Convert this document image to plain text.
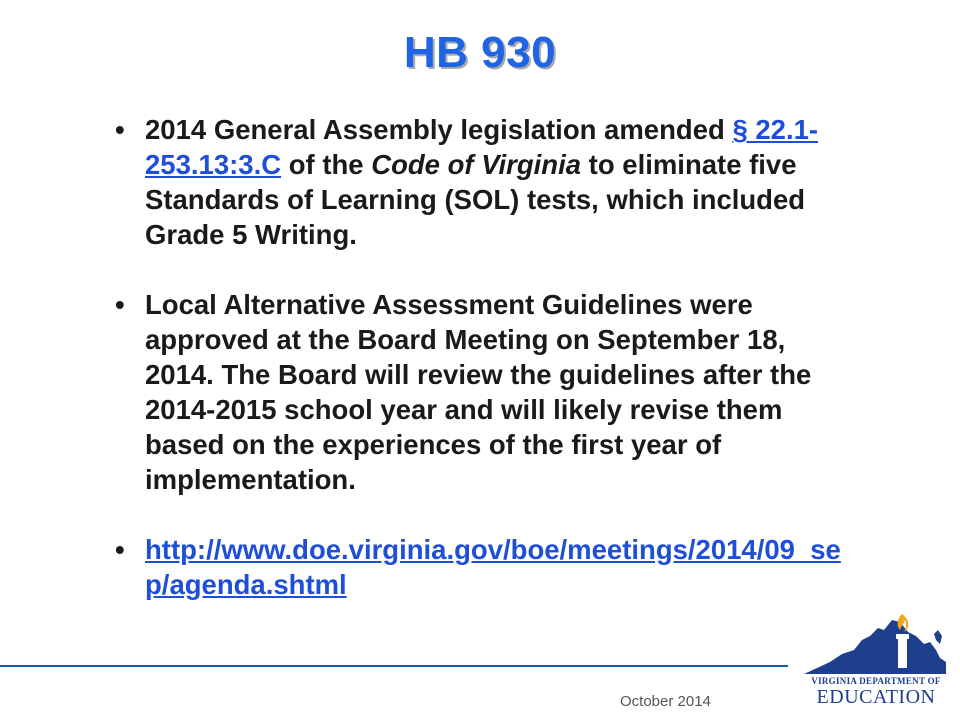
HB 930
• 2014 General Assembly legislation amended § 22.1-253.13:3.C of the Code of Virginia to eliminate five Standards of Learning (SOL) tests, which included Grade 5 Writing.
• Local Alternative Assessment Guidelines were approved at the Board Meeting on September 18, 2014. The Board will review the guidelines after the 2014-2015 school year and will likely revise them based on the experiences of the first year of implementation.
• http://www.doe.virginia.gov/boe/meetings/2014/09_sep/agenda.shtml
October 2014
VIRGINIA DEPARTMENT OF
EDUCATION
